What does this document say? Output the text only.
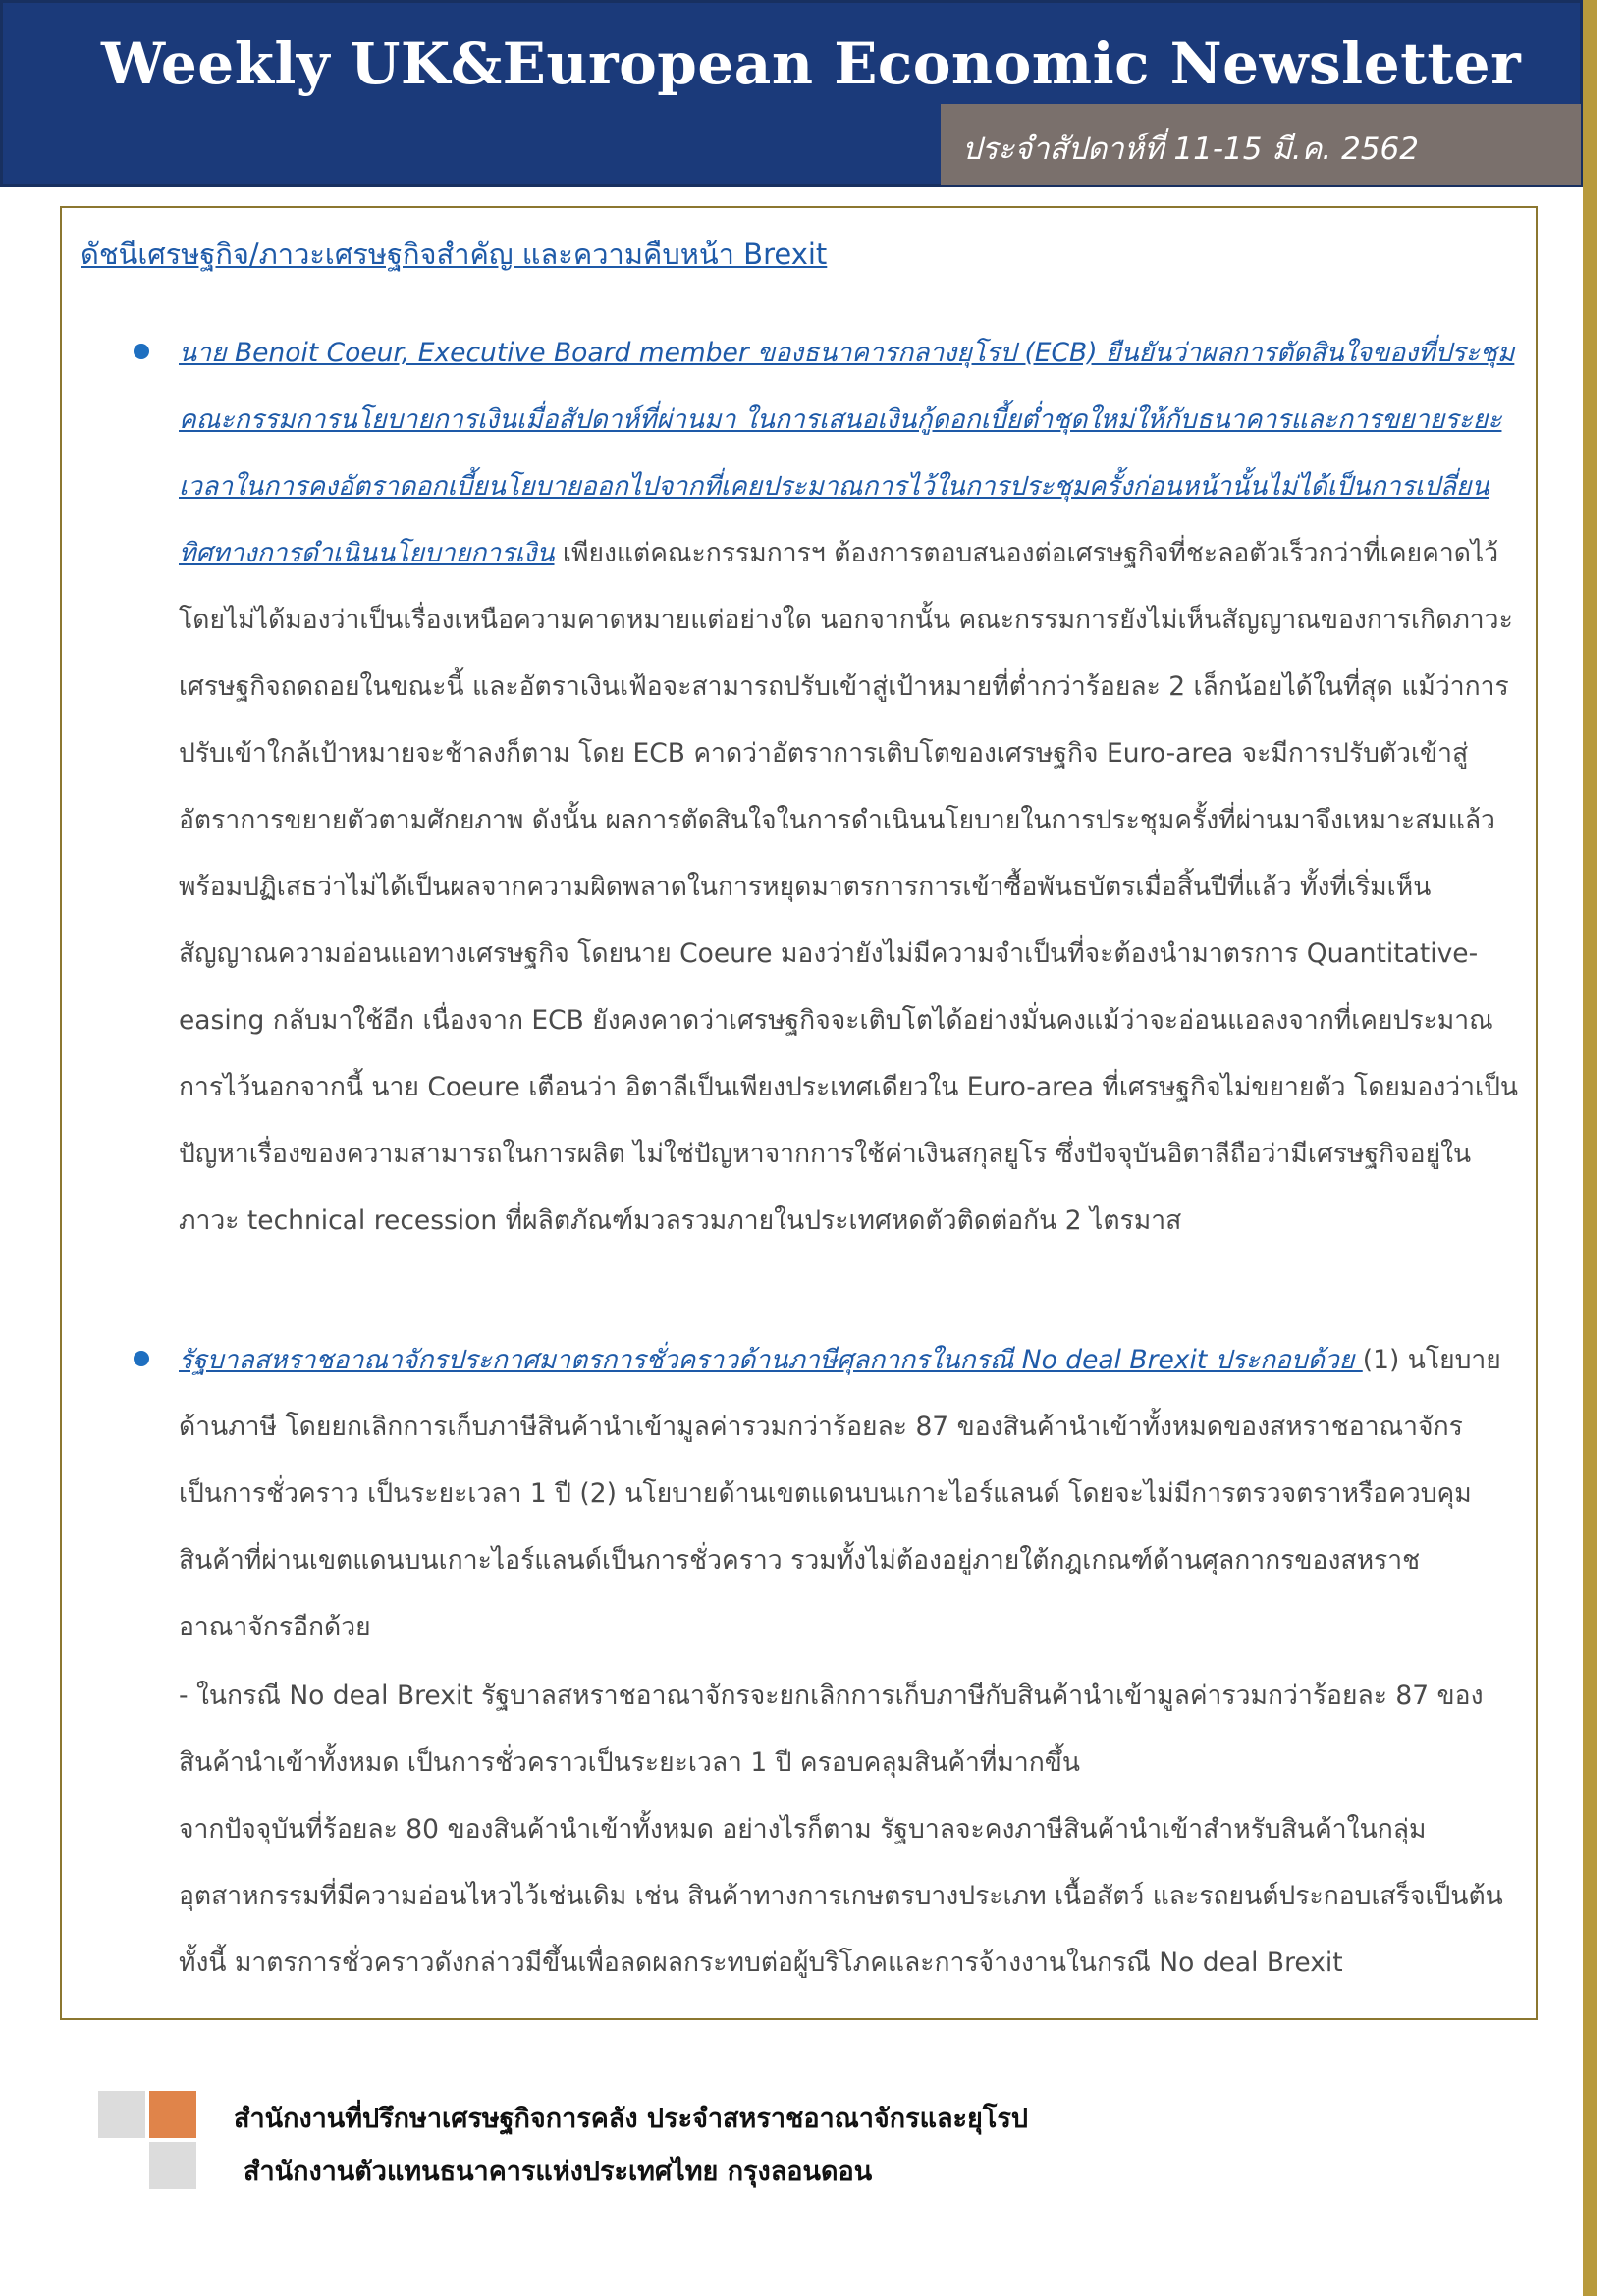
Weekly UK&European Economic Newsletter
ประจำสัปดาห์ที่ 11-15 มี.ค. 2562
ดัชนีเศรษฐกิจ/ภาวะเศรษฐกิจสำคัญ และความคืบหน้า Brexit
นาย Benoit Coeur, Executive Board member ของธนาคารกลางยุโรป (ECB) ยืนยันว่าผลการตัดสินใจของที่ประชุมคณะกรรมการนโยบายการเงินเมื่อสัปดาห์ที่ผ่านมา ในการเสนอเงินกู้ดอกเบี้ยต่ำชุดใหม่ให้กับธนาคารและการขยายระยะเวลาในการคงอัตราดอกเบี้ยนโยบายออกไปจากที่เคยประมาณการไว้ในการประชุมครั้งก่อนหน้านั้นไม่ได้เป็นการเปลี่ยนทิศทางการดำเนินนโยบายการเงิน เพียงแต่คณะกรรมการฯ ต้องการตอบสนองต่อเศรษฐกิจที่ชะลอตัวเร็วกว่าที่เคยคาดไว้ โดยไม่ได้มองว่าเป็นเรื่องเหนือความคาดหมายแต่อย่างใด นอกจากนั้น คณะกรรมการยังไม่เห็นสัญญาณของการเกิดภาวะเศรษฐกิจถดถอยในขณะนี้ และอัตราเงินเฟ้อจะสามารถปรับเข้าสู่เป้าหมายที่ต่ำกว่าร้อยละ 2 เล็กน้อยได้ในที่สุด แม้ว่าการปรับเข้าใกล้เป้าหมายจะช้าลงก็ตาม โดย ECB คาดว่าอัตราการเติบโตของเศรษฐกิจ Euro-area จะมีการปรับตัวเข้าสู่อัตราการขยายตัวตามศักยภาพ ดังนั้น ผลการตัดสินใจในการดำเนินนโยบายในการประชุมครั้งที่ผ่านมาจึงเหมาะสมแล้ว พร้อมปฏิเสธว่าไม่ได้เป็นผลจากความผิดพลาดในการหยุดมาตรการการเข้าซื้อพันธบัตรเมื่อสิ้นปีที่แล้ว ทั้งที่เริ่มเห็นสัญญาณความอ่อนแอทางเศรษฐกิจ โดยนาย Coeure มองว่ายังไม่มีความจำเป็นที่จะต้องนำมาตรการ Quantitative-easing กลับมาใช้อีก เนื่องจาก ECB ยังคงคาดว่าเศรษฐกิจจะเติบโตได้อย่างมั่นคงแม้ว่าจะอ่อนแอลงจากที่เคยประมาณการไว้นอกจากนี้ นาย Coeure เตือนว่า อิตาลีเป็นเพียงประเทศเดียวใน Euro-area ที่เศรษฐกิจไม่ขยายตัว โดยมองว่าเป็นปัญหาเรื่องของความสามารถในการผลิต ไม่ใช่ปัญหาจากการใช้ค่าเงินสกุลยูโร ซึ่งปัจจุบันอิตาลีถือว่ามีเศรษฐกิจอยู่ในภาวะ technical recession ที่ผลิตภัณฑ์มวลรวมภายในประเทศหดตัวติดต่อกัน 2 ไตรมาส
รัฐบาลสหราชอาณาจักรประกาศมาตรการชั่วคราวด้านภาษีศุลกากรในกรณี No deal Brexit ประกอบด้วย (1) นโยบายด้านภาษี โดยยกเลิกการเก็บภาษีสินค้านำเข้ามูลค่ารวมกว่าร้อยละ 87 ของสินค้านำเข้าทั้งหมดของสหราชอาณาจักร เป็นการชั่วคราว เป็นระยะเวลา 1 ปี (2) นโยบายด้านเขตแดนบนเกาะไอร์แลนด์ โดยจะไม่มีการตรวจตราหรือควบคุมสินค้าที่ผ่านเขตแดนบนเกาะไอร์แลนด์เป็นการชั่วคราว รวมทั้งไม่ต้องอยู่ภายใต้กฎเกณฑ์ด้านศุลกากรของสหราชอาณาจักรอีกด้วย
- ในกรณี No deal Brexit รัฐบาลสหราชอาณาจักรจะยกเลิกการเก็บภาษีกับสินค้านำเข้ามูลค่ารวมกว่าร้อยละ 87 ของสินค้านำเข้าทั้งหมด เป็นการชั่วคราวเป็นระยะเวลา 1 ปี ครอบคลุมสินค้าที่มากขึ้น
จากปัจจุบันที่ร้อยละ 80 ของสินค้านำเข้าทั้งหมด อย่างไรก็ตาม รัฐบาลจะคงภาษีสินค้านำเข้าสำหรับสินค้าในกลุ่มอุตสาหกรรมที่มีความอ่อนไหวไว้เช่นเดิม เช่น สินค้าทางการเกษตรบางประเภท เนื้อสัตว์ และรถยนต์ประกอบเสร็จเป็นต้น ทั้งนี้ มาตรการชั่วคราวดังกล่าวมีขึ้นเพื่อลดผลกระทบต่อผู้บริโภคและการจ้างงานในกรณี No deal Brexit
สำนักงานที่ปรึกษาเศรษฐกิจการคลัง ประจำสหราชอาณาจักรและยุโรป
สำนักงานตัวแทนธนาคารแห่งประเทศไทย กรุงลอนดอน
